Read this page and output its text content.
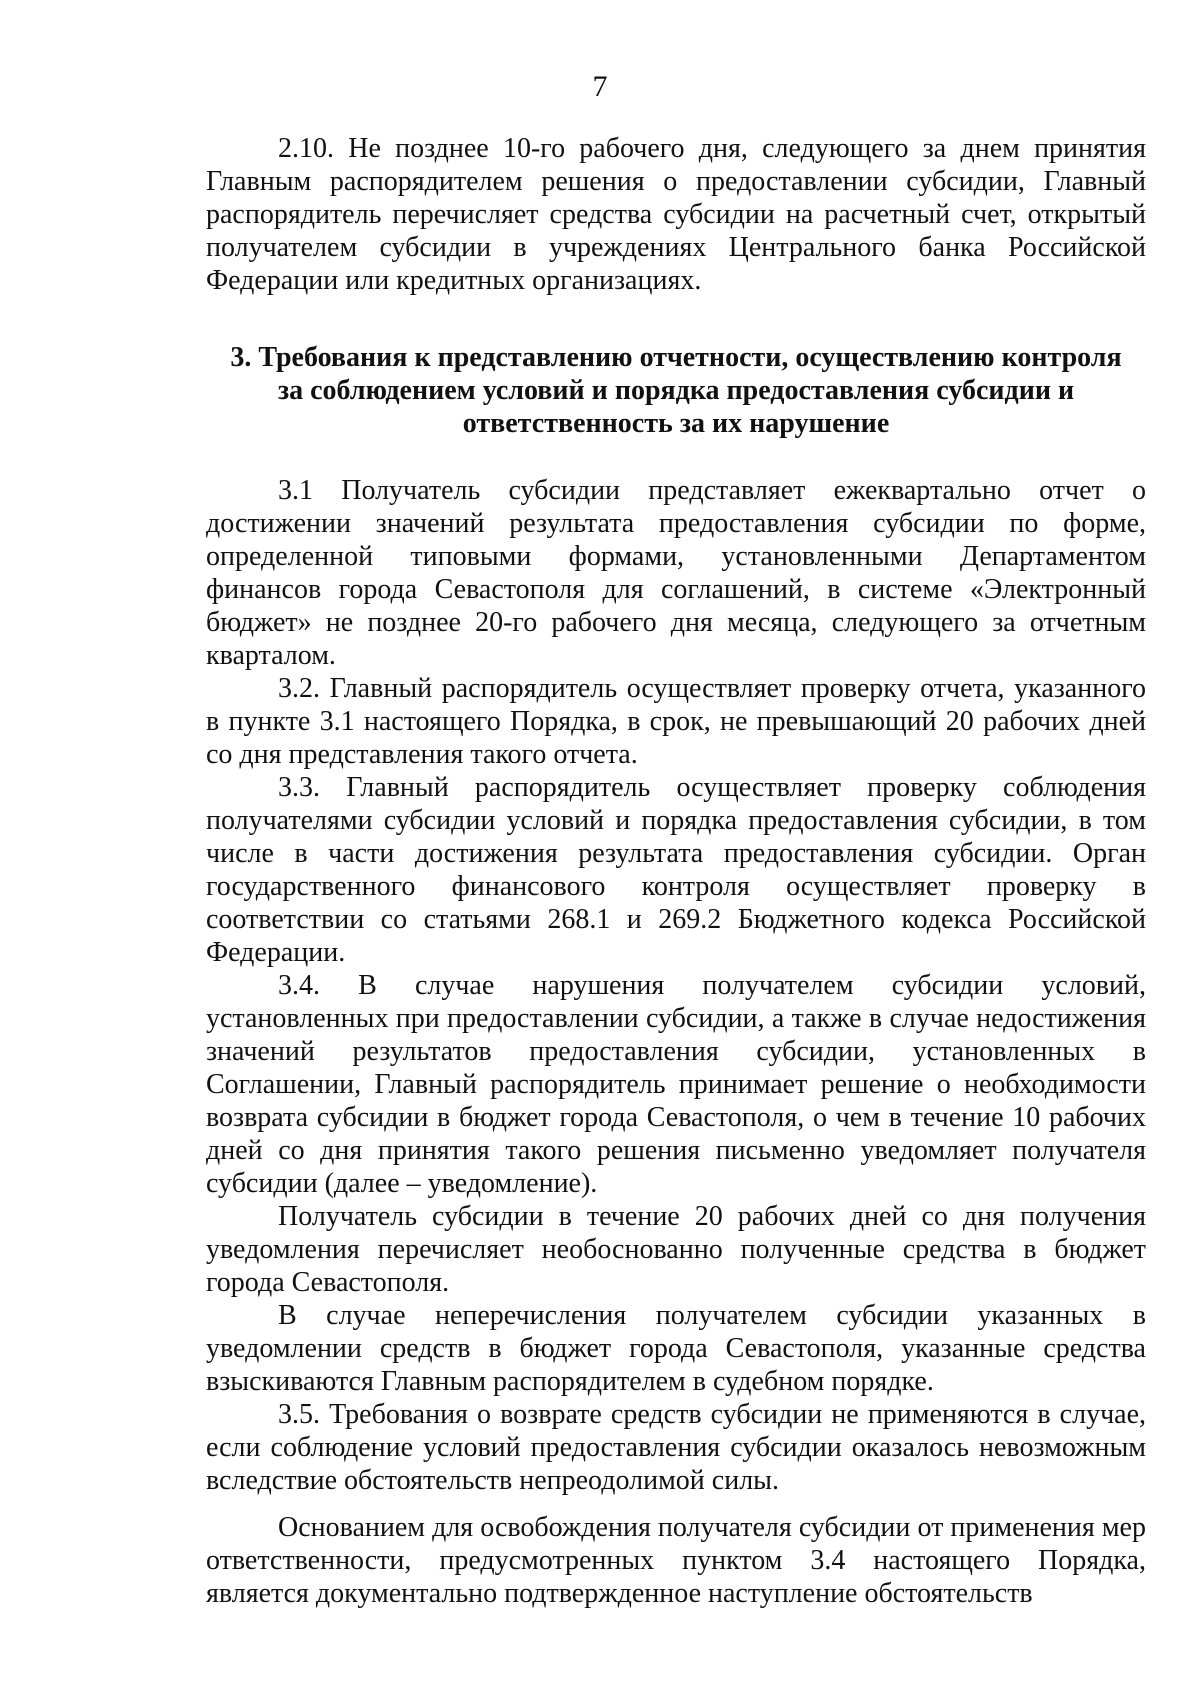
7

2.10. Не позднее 10-го рабочего дня, следующего за днем принятия Главным распорядителем решения о предоставлении субсидии, Главный распорядитель перечисляет средства субсидии на расчетный счет, открытый получателем субсидии в учреждениях Центрального банка Российской Федерации или кредитных организациях.

3. Требования к представлению отчетности, осуществлению контроля за соблюдением условий и порядка предоставления субсидии и ответственность за их нарушение

3.1 Получатель субсидии представляет ежеквартально отчет о достижении значений результата предоставления субсидии по форме, определенной типовыми формами, установленными Департаментом финансов города Севастополя для соглашений, в системе «Электронный бюджет» не позднее 20-го рабочего дня месяца, следующего за отчетным кварталом.

3.2. Главный распорядитель осуществляет проверку отчета, указанного в пункте 3.1 настоящего Порядка, в срок, не превышающий 20 рабочих дней со дня представления такого отчета.

3.3. Главный распорядитель осуществляет проверку соблюдения получателями субсидии условий и порядка предоставления субсидии, в том числе в части достижения результата предоставления субсидии. Орган государственного финансового контроля осуществляет проверку в соответствии со статьями 268.1 и 269.2 Бюджетного кодекса Российской Федерации.

3.4. В случае нарушения получателем субсидии условий, установленных при предоставлении субсидии, а также в случае недостижения значений результатов предоставления субсидии, установленных в Соглашении, Главный распорядитель принимает решение о необходимости возврата субсидии в бюджет города Севастополя, о чем в течение 10 рабочих дней со дня принятия такого решения письменно уведомляет получателя субсидии (далее – уведомление).

Получатель субсидии в течение 20 рабочих дней со дня получения уведомления перечисляет необоснованно полученные средства в бюджет города Севастополя.

В случае неперечисления получателем субсидии указанных в уведомлении средств в бюджет города Севастополя, указанные средства взыскиваются Главным распорядителем в судебном порядке.

3.5. Требования о возврате средств субсидии не применяются в случае, если соблюдение условий предоставления субсидии оказалось невозможным вследствие обстоятельств непреодолимой силы.

Основанием для освобождения получателя субсидии от применения мер ответственности, предусмотренных пунктом 3.4 настоящего Порядка, является документально подтвержденное наступление обстоятельств
